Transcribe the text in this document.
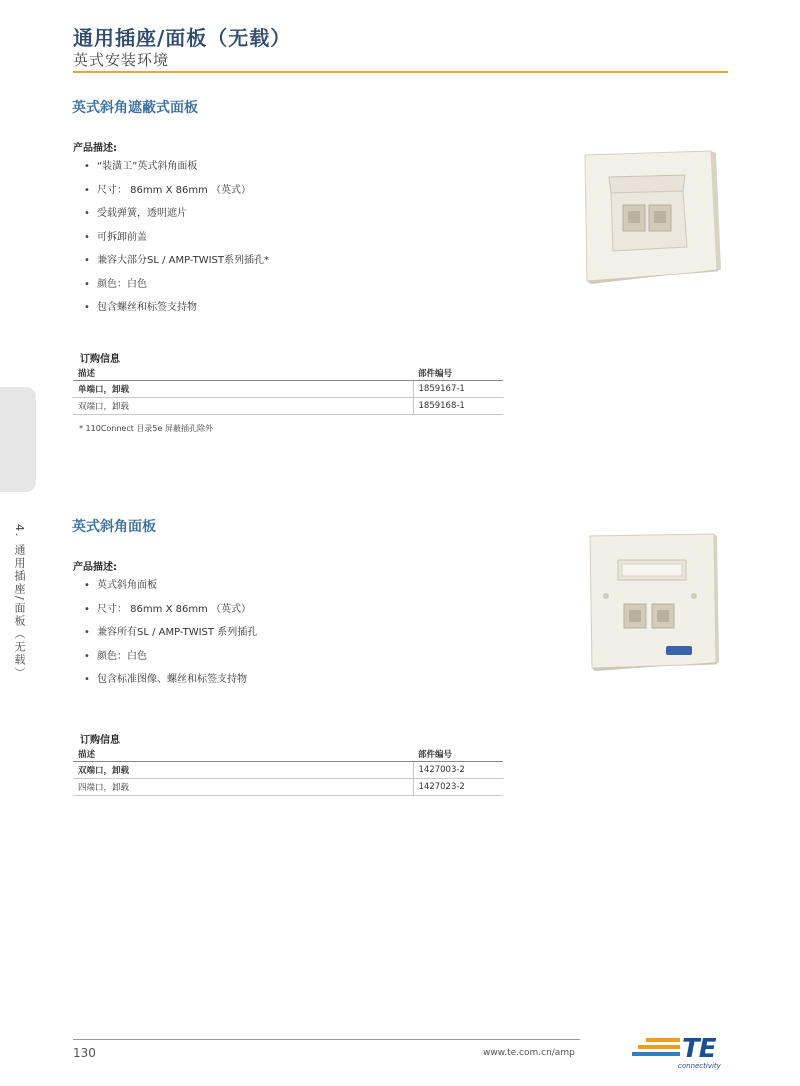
通用插座/面板（无载）
英式安装环境
4. 通用插座/面板（无载）
英式斜角遮蔽式面板
产品描述:
• “装潢工”英式斜角面板
• 尺寸： 86mm X 86mm （英式）
• 受载弹簧，透明遮片
• 可拆卸前盖
• 兼容大部分SL / AMP-TWIST系列插孔*
• 颜色：白色
• 包含螺丝和标签支持物
订购信息
描述	部件编号
单端口，卸载	1859167-1
双端口，卸载	1859168-1
* 110Connect 目录5e 屏蔽插孔除外
英式斜角面板
产品描述:
• 英式斜角面板
• 尺寸： 86mm X 86mm （英式）
• 兼容所有SL / AMP-TWIST 系列插孔
• 颜色：白色
• 包含标准图像、螺丝和标签支持物
订购信息
描述	部件编号
双端口，卸载	1427003-2
四端口，卸载	1427023-2
130	www.te.com.cn/amp	TE
connectivity
